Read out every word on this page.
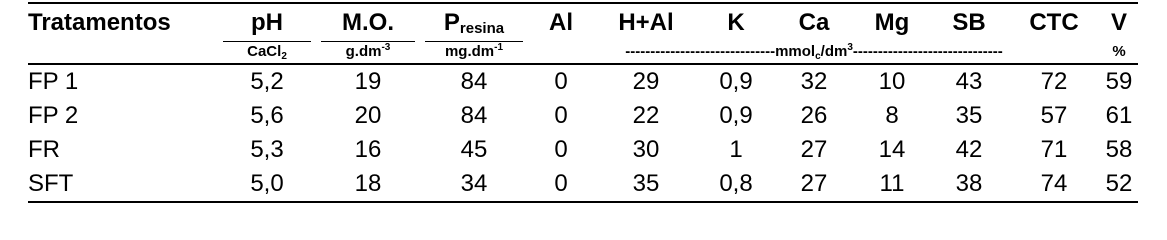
Tratamentos	pH	M.O.	$P_{resina}$	Al	H+Al	K	Ca	Mg	SB	CTC	V
	CaCl$_2$	$g.dm^{-3}$	$mg.dm^{-1}$	$------------------------------mmol_c/dm^3------------------------------$							%
FP 1	5,2	19	84	0	29	0,9	32	10	43	72	59
FP 2	5,6	20	84	0	22	0,9	26	8	35	57	61
FR	5,3	16	45	0	30	1	27	14	42	71	58
SFT	5,0	18	34	0	35	0,8	27	11	38	74	52
